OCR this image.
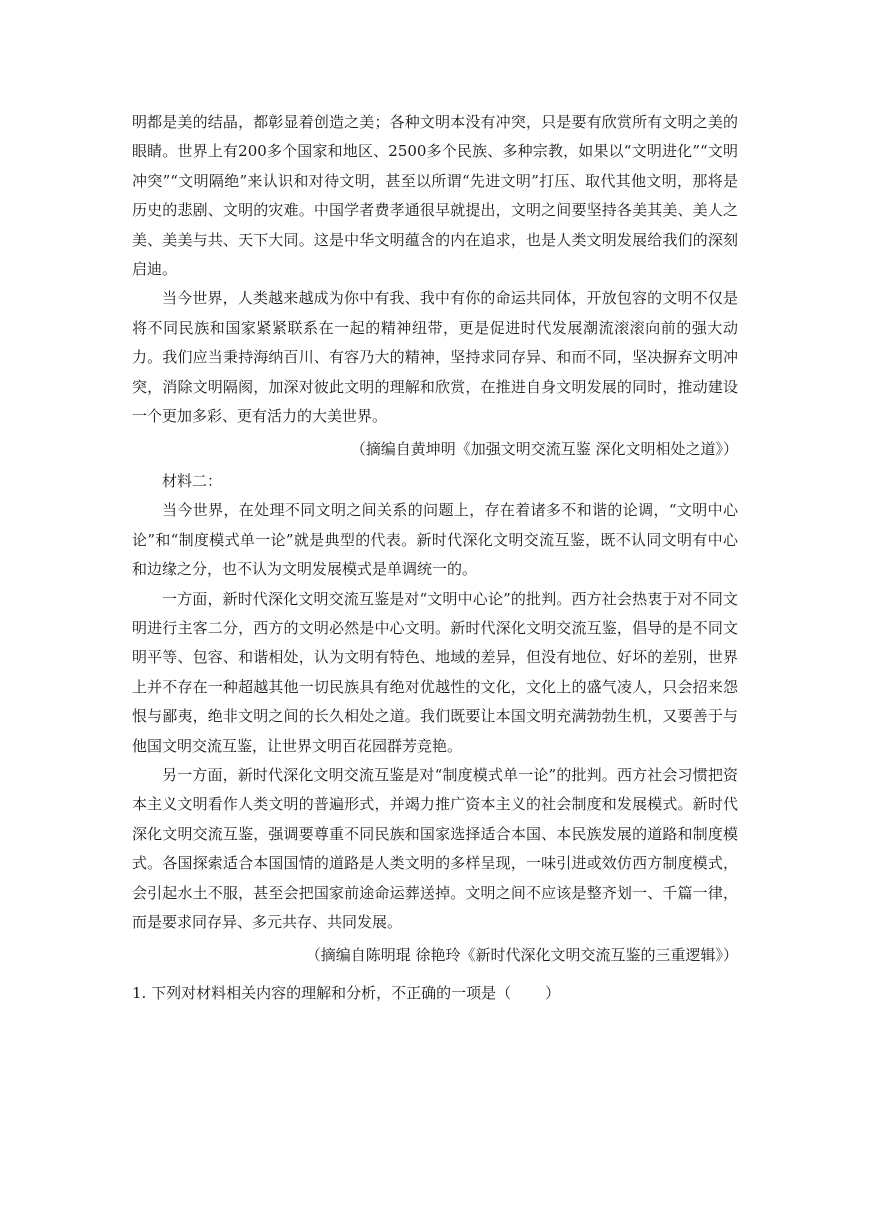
明都是美的结晶，都彰显着创造之美；各种文明本没有冲突，只是要有欣赏所有文明之美的眼睛。世界上有200多个国家和地区、2500多个民族、多种宗教，如果以“文明进化”“文明冲突”“文明隔绝”来认识和对待文明，甚至以所谓“先进文明”打压、取代其他文明，那将是历史的悲剧、文明的灾难。中国学者费孝通很早就提出，文明之间要坚持各美其美、美人之美、美美与共、天下大同。这是中华文明蕴含的内在追求，也是人类文明发展给我们的深刻启迪。

当今世界，人类越来越成为你中有我、我中有你的命运共同体，开放包容的文明不仅是将不同民族和国家紧紧联系在一起的精神纽带，更是促进时代发展潮流滚滚向前的强大动力。我们应当秉持海纳百川、有容乃大的精神，坚持求同存异、和而不同，坚决摒弃文明冲突，消除文明隔阂，加深对彼此文明的理解和欣赏，在推进自身文明发展的同时，推动建设一个更加多彩、更有活力的大美世界。

（摘编自黄坤明《加强文明交流互鉴 深化文明相处之道》）

材料二：

当今世界，在处理不同文明之间关系的问题上，存在着诸多不和谐的论调，“文明中心论”和“制度模式单一论”就是典型的代表。新时代深化文明交流互鉴，既不认同文明有中心和边缘之分，也不认为文明发展模式是单调统一的。

一方面，新时代深化文明交流互鉴是对“文明中心论”的批判。西方社会热衷于对不同文明进行主客二分，西方的文明必然是中心文明。新时代深化文明交流互鉴，倡导的是不同文明平等、包容、和谐相处，认为文明有特色、地域的差异，但没有地位、好坏的差别，世界上并不存在一种超越其他一切民族具有绝对优越性的文化，文化上的盛气凌人，只会招来怨恨与鄙夷，绝非文明之间的长久相处之道。我们既要让本国文明充满勃勃生机，又要善于与他国文明交流互鉴，让世界文明百花园群芳竞艳。

另一方面，新时代深化文明交流互鉴是对“制度模式单一论”的批判。西方社会习惯把资本主义文明看作人类文明的普遍形式，并竭力推广资本主义的社会制度和发展模式。新时代深化文明交流互鉴，强调要尊重不同民族和国家选择适合本国、本民族发展的道路和制度模式。各国探索适合本国国情的道路是人类文明的多样呈现，一味引进或效仿西方制度模式，会引起水土不服，甚至会把国家前途命运葬送掉。文明之间不应该是整齐划一、千篇一律，而是要求同存异、多元共存、共同发展。

（摘编自陈明琨 徐艳玲《新时代深化文明交流互鉴的三重逻辑》）

1. 下列对材料相关内容的理解和分析，不正确的一项是（ ）
